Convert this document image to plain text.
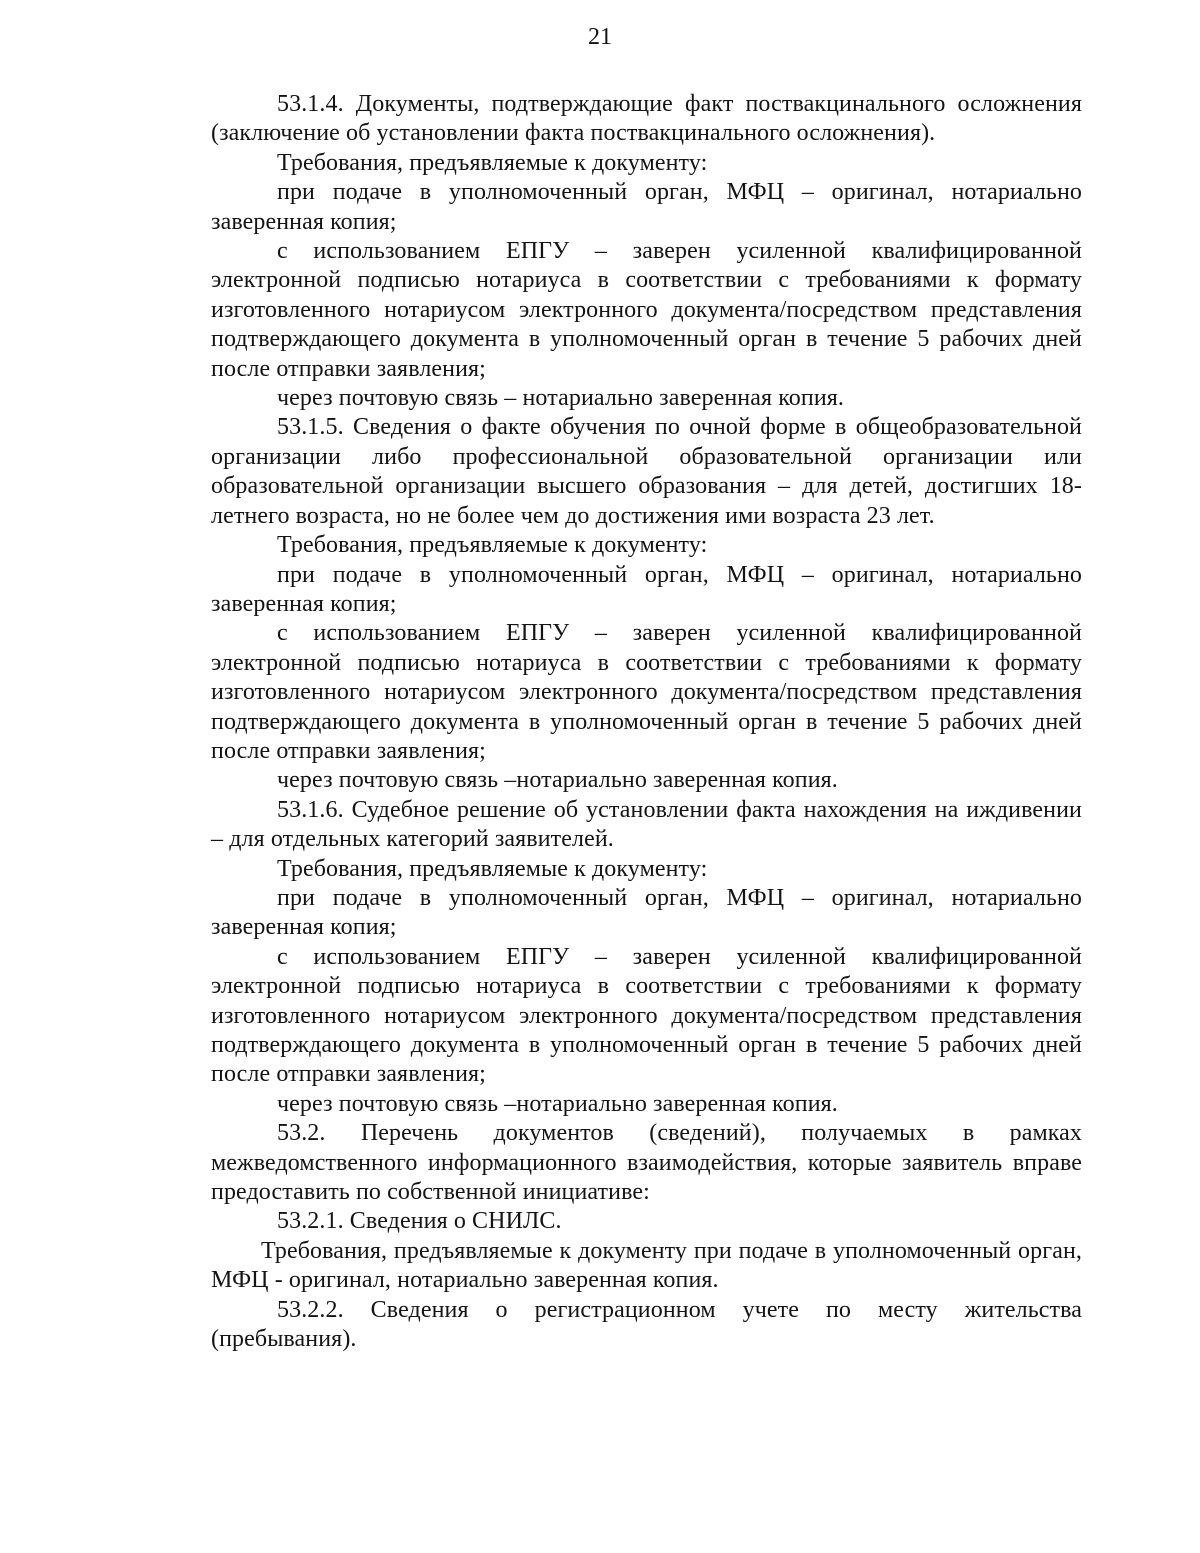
21

53.1.4. Документы, подтверждающие факт поствакцинального осложнения (заключение об установлении факта поствакцинального осложнения).

Требования, предъявляемые к документу:

при подаче в уполномоченный орган, МФЦ – оригинал, нотариально заверенная копия;

с использованием ЕПГУ – заверен усиленной квалифицированной электронной подписью нотариуса в соответствии с требованиями к формату изготовленного нотариусом электронного документа/посредством представления подтверждающего документа в уполномоченный орган в течение 5 рабочих дней после отправки заявления;

через почтовую связь – нотариально заверенная копия.

53.1.5. Сведения о факте обучения по очной форме в общеобразовательной организации либо профессиональной образовательной организации или образовательной организации высшего образования – для детей, достигших 18-летнего возраста, но не более чем до достижения ими возраста 23 лет.

Требования, предъявляемые к документу:

при подаче в уполномоченный орган, МФЦ – оригинал, нотариально заверенная копия;

с использованием ЕПГУ – заверен усиленной квалифицированной электронной подписью нотариуса в соответствии с требованиями к формату изготовленного нотариусом электронного документа/посредством представления подтверждающего документа в уполномоченный орган в течение 5 рабочих дней после отправки заявления;

через почтовую связь –нотариально заверенная копия.

53.1.6. Судебное решение об установлении факта нахождения на иждивении – для отдельных категорий заявителей.

Требования, предъявляемые к документу:

при подаче в уполномоченный орган, МФЦ – оригинал, нотариально заверенная копия;

с использованием ЕПГУ – заверен усиленной квалифицированной электронной подписью нотариуса в соответствии с требованиями к формату изготовленного нотариусом электронного документа/посредством представления подтверждающего документа в уполномоченный орган в течение 5 рабочих дней после отправки заявления;

через почтовую связь –нотариально заверенная копия.

53.2. Перечень документов (сведений), получаемых в рамках межведомственного информационного взаимодействия, которые заявитель вправе предоставить по собственной инициативе:

53.2.1. Сведения о СНИЛС.

Требования, предъявляемые к документу при подаче в уполномоченный орган, МФЦ - оригинал, нотариально заверенная копия.

53.2.2. Сведения о регистрационном учете по месту жительства (пребывания).
